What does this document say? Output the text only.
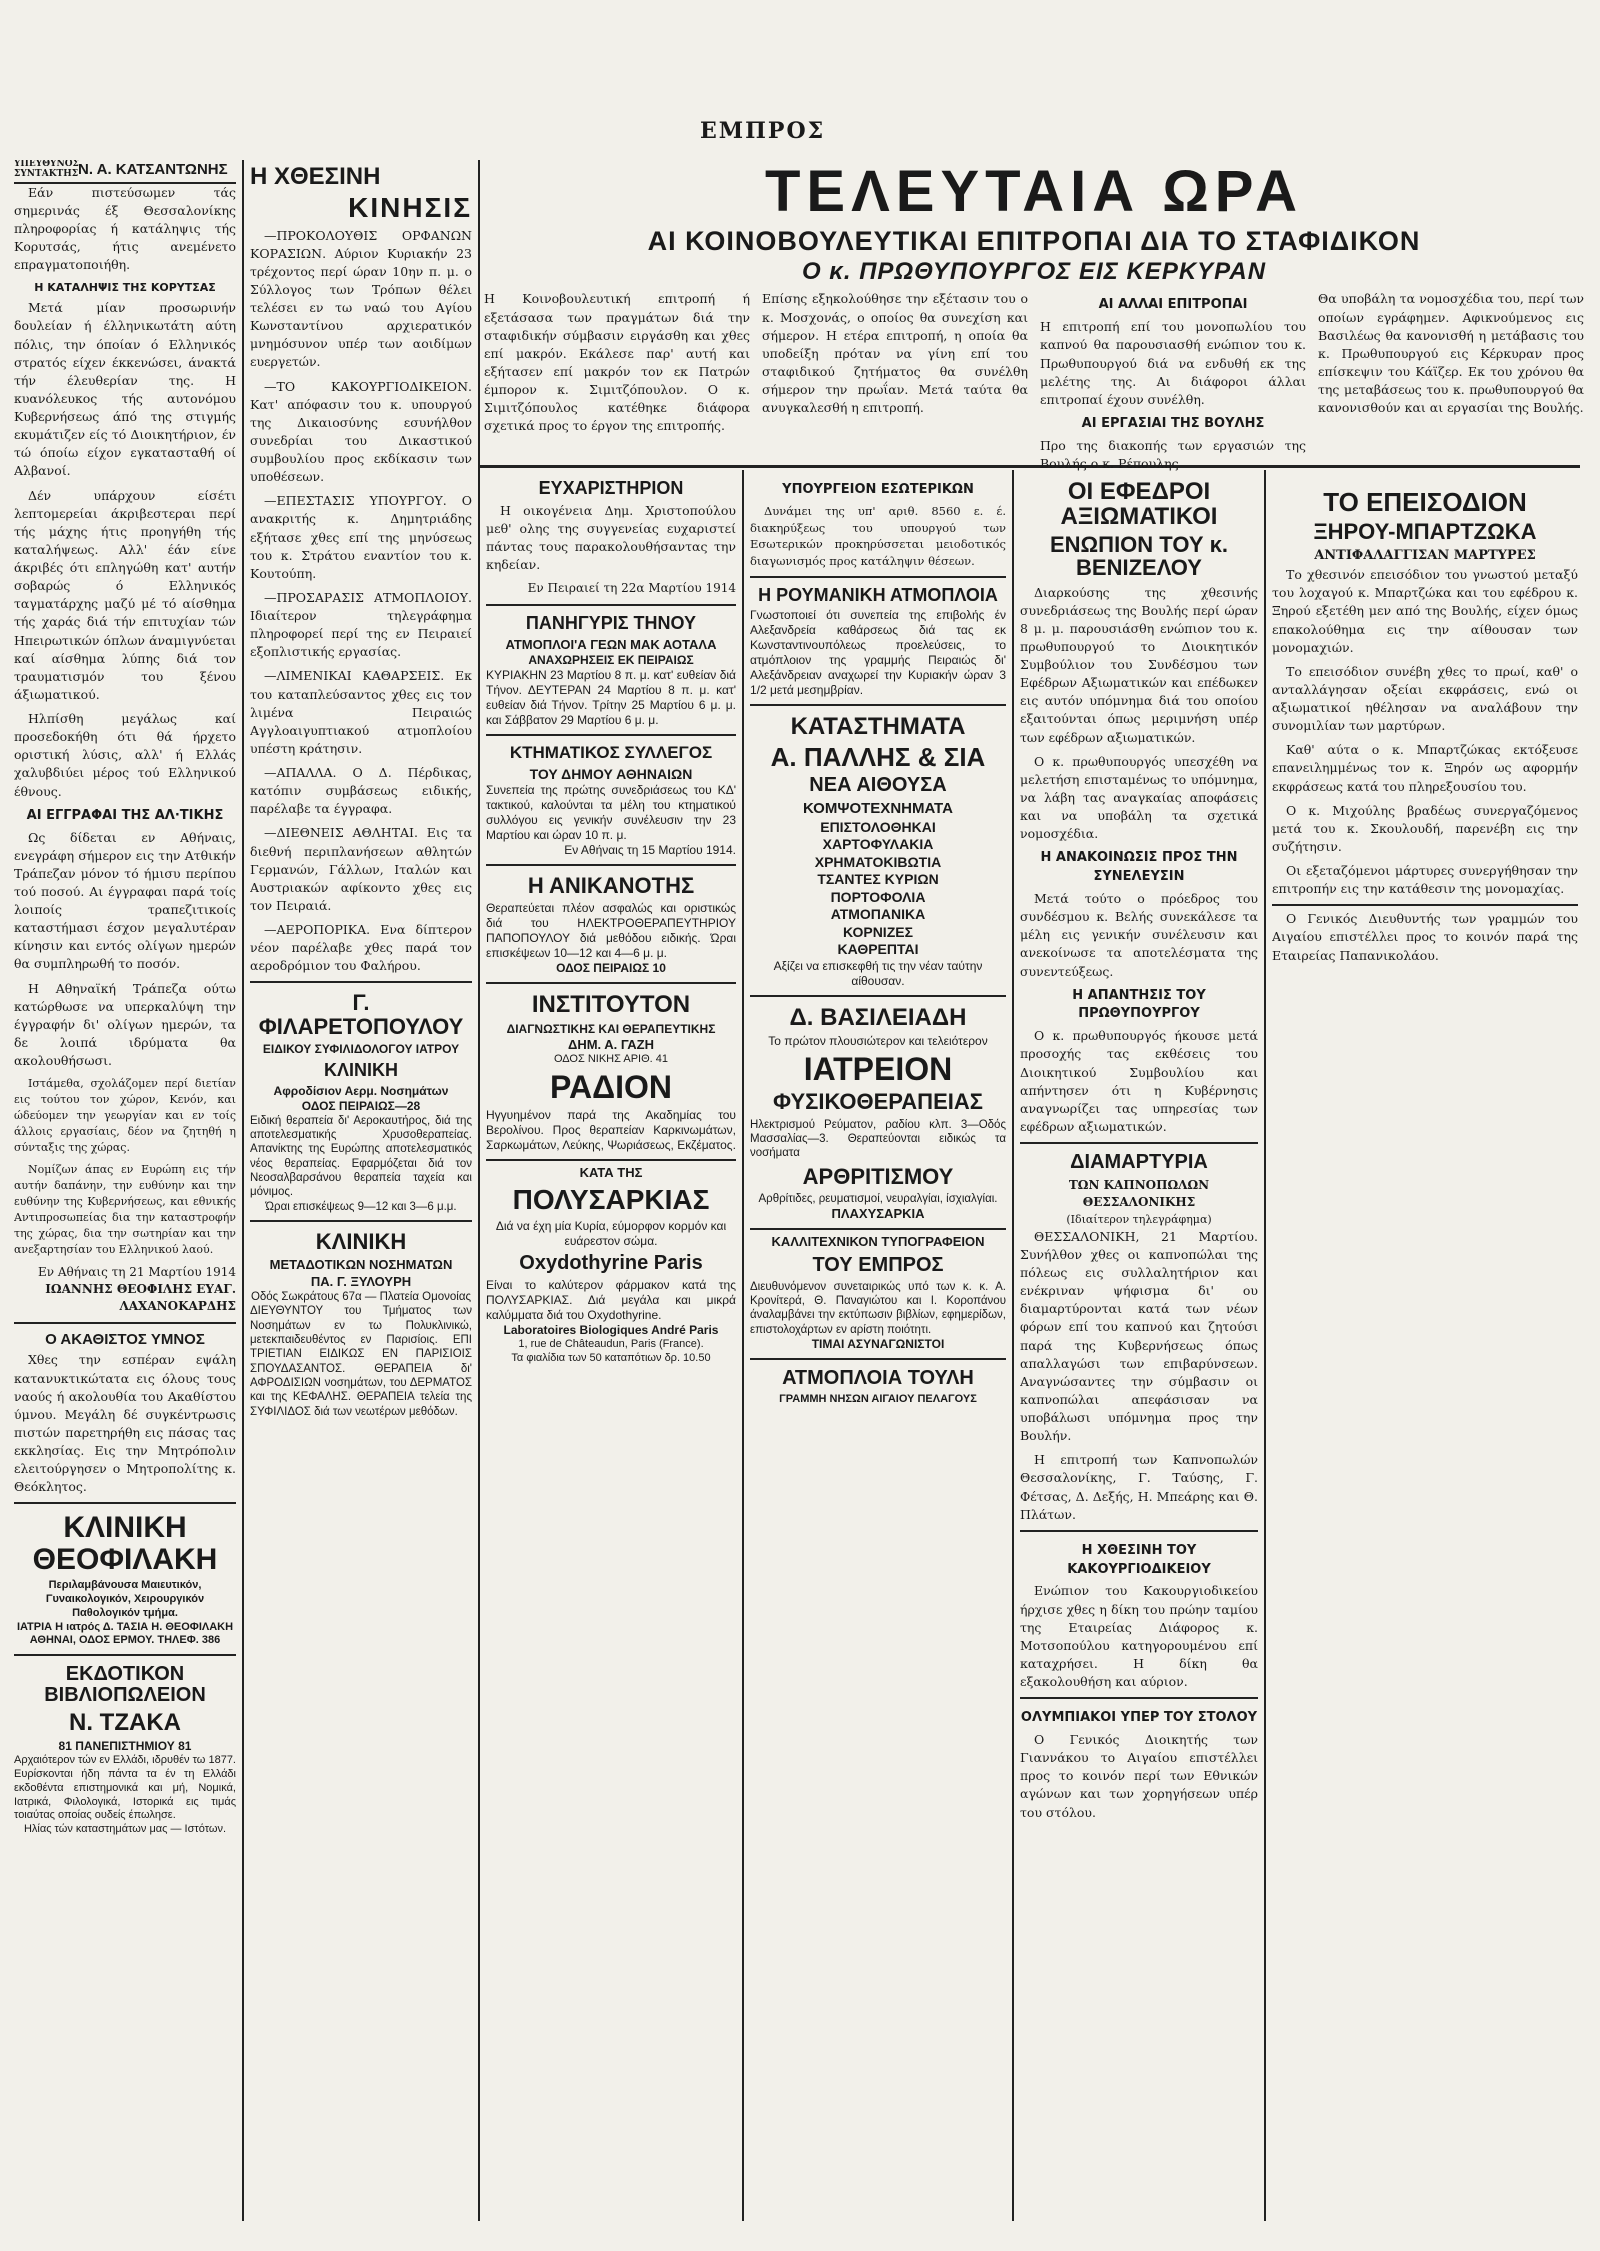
ΕΜΠΡΟΣ
ΥΠΕΥΘΥΝΟΣ ΣΥΝΤΑΚΤΗΣ Ν. Α. ΚΑΤΣΑΝΤΩΝΗΣ

Εάν πιστεύσωμεν τάς σημερινάς έξ Θεσσαλονίκης πληροφορίας ή κατάληψις τής Κορυτσάς, ήτις ανεμένετο επραγματοποιήθη.

Η ΚΑΤΑΛΗΨΙΣ ΤΗΣ ΚΟΡΥΤΣΑΣ

Μετά μίαν προσωρινήν δουλείαν ή έλληνικωτάτη αύτη πόλις, την όποίαν ό Ελληνικός στρατός είχεν έκκενώσει, άνακτά τήν έλευθερίαν της. Η κυανόλευκος τής αυτονόμου Κυβερνήσεως άπό της στιγμής εκυμάτιζεν είς τό Διοικητήριον, έν τώ όποίω είχον εγκατασταθή οί Αλβανοί.

Δέν υπάρχουν είσέτι λεπτομερείαι άκριβεστεραι περί τής μάχης ήτις προηγήθη τής καταλήψεως. Αλλ' έάν είνε άκριβές ότι επληγώθη κατ' αυτήν σοβαρώς ό Ελληνικός ταγματάρχης μαζύ μέ τό αίσθημα τής χαράς διά τήν επιτυχίαν τών Ηπειρωτικών όπλων άναμιγνύεται καί αίσθημα λύπης διά τον τραυματισμόν του ξένου άξιωματικού.

Ηλπίσθη μεγάλως καί προσεδοκήθη ότι θά ήρχετο οριστική λύσις, αλλ' ή Ελλάς χαλυβδιύει μέρος τού Ελληνικού έθνους.

ΑΙ ΕΓΓΡΑΦΑΙ ΤΗΣ ΑΛ·ΤΙΚΗΣ

Ως δίδεται εν Αθήναις, ενεγράφη σήμερον εις την Ατθικήν Τράπεζαν μόνον τό ήμισυ περίπου τού ποσού. Αι έγγραφαι παρά τοίς λοιποίς τραπεζιτικοίς καταστήμασι έσχον μεγαλυτέραν κίνησιν και εντός ολίγων ημερών θα συμπληρωθή το ποσόν.

Η Αθηναϊκή Τράπεζα ούτω κατώρθωσε να υπερκαλύψη την έγγραφήν δι' ολίγων ημερών, τα δε λοιπά ιδρύματα θα ακολουθήσωσι.

Ιστάμεθα, σχολάζομεν περί διετίαν εις τούτου τον χώρον, Κενόν, και ώδεύομεν την γεωργίαν και εν τοίς άλλοις εργασίαις, δέον να ζητηθή η σύνταξις της χώρας.

Νομίζων άπας εν Ευρώπη εις τήν αυτήν δαπάνην, την ευθύνην και την ευθύνην της Κυβερνήσεως, και εθνικής Αντιπροσωπείας δια την καταστροφήν της χώρας, δια την σωτηρίαν και την ανεξαρτησίαν του Ελληνικού λαού.

Εν Αθήναις τη 21 Μαρτίου 1914
ΙΩΑΝΝΗΣ ΘΕΟΦΙΛΗΣ ΕΥΑΓ. ΛΑΧΑΝΟΚΑΡΔΗΣ
Ο ΑΚΑΘΙΣΤΟΣ ΥΜΝΟΣ

Χθες την εσπέραν εψάλη κατανυκτικώτατα εις όλους τους ναούς ή ακολουθία του Ακαθίστου ύμνου. Μεγάλη δέ συγκέντρωσις πιστών παρετηρήθη εις πάσας τας εκκλησίας. Εις την Μητρόπολιν ελειτούργησεν ο Μητροπολίτης κ. Θεόκλητος.

ΚΛΙΝΙΚΗ ΘΕΟΦΙΛΑΚΗ
Περιλαμβάνουσα Μαιευτικόν, Γυναικολογικόν, Χειρουργικόν Παθολογικόν τμήμα.
ΙΑΤΡΙΑ Η ιατρός Δ. ΤΑΣΙΑ Η. ΘΕΟΦΙΛΑΚΗ
ΑΘΗΝΑΙ, ΟΔΟΣ ΕΡΜΟΥ. ΤΗΛΕΦ. 386
ΕΚΔΟΤΙΚΟΝ ΒΙΒΛΙΟΠΩΛΕΙΟΝ
Ν. ΤΖΑΚΑ
81 ΠΑΝΕΠΙΣΤΗΜΙΟΥ 81
Αρχαιότερον τών εν Ελλάδι, ιδρυθέν τω 1877. Ευρίσκονται ήδη πάντα τα έν τη Ελλάδι εκδοθέντα επιστημονικά και μή, Νομικά, Ιατρικά, Φιλολογικά, Ιστορικά εις τιμάς τοιαύτας οποίας ουδείς έπωλησε.
Ηλίας τών καταστημάτων μας — Ιστότων.
Η ΧΘΕΣΙΝΗ
ΚΙΝΗΣΙΣ

—ΠΡΟΚΟΛΟΥΘΙΣ ΟΡΦΑΝΩΝ ΚΟΡΑΣΙΩΝ. Αύριον Κυριακήν 23 τρέχοντος περί ώραν 10ην π. μ. ο Σύλλογος των Τρόπων θέλει τελέσει εν τω ναώ του Αγίου Κωνσταντίνου αρχιερατικόν μνημόσυνον υπέρ των αοιδίμων ευεργετών.

—ΤΟ ΚΑΚΟΥΡΓΙΟΔΙΚΕΙΟΝ. Κατ' απόφασιν του κ. υπουργού της Δικαιοσύνης εσυνήλθον συνεδρίαι του Δικαστικού συμβουλίου προς εκδίκασιν των υποθέσεων.

—ΕΠΕΣΤΑΣΙΣ ΥΠΟΥΡΓΟΥ. Ο ανακριτής κ. Δημητριάδης εξήτασε χθες επί της μηνύσεως του κ. Στράτου εναντίον του κ. Κουτούπη.

—ΠΡΟΣΑΡΑΣΙΣ ΑΤΜΟΠΛΟΙΟΥ. Ιδιαίτερον τηλεγράφημα πληροφορεί περί της εν Πειραιεί εξοπλιστικής εργασίας.

—ΛΙΜΕΝΙΚΑΙ ΚΑΘΑΡΣΕΙΣ. Εκ του καταπλεύσαντος χθες εις τον λιμένα Πειραιώς Αγγλοαιγυπτιακού ατμοπλοίου υπέστη κράτησιν.

—ΑΠΑΛΛΑ. Ο Δ. Πέρδικας, κατόπιν συμβάσεως ειδικής, παρέλαβε τα έγγραφα.

—ΔΙΕΘΝΕΙΣ ΑΘΛΗΤΑΙ. Εις τα διεθνή περιπλανήσεων αθλητών Γερμανών, Γάλλων, Ιταλών και Αυστριακών αφίκοντο χθες εις τον Πειραιά.

—ΑΕΡΟΠΟΡΙΚΑ. Ενα δίπτερον νέον παρέλαβε χθες παρά τον αεροδρόμιον του Φαλήρου.

Γ. ΦΙΛΑΡΕΤΟΠΟΥΛΟΥ
ΕΙΔΙΚΟΥ ΣΥΦΙΛΙΔΟΛΟΓΟΥ ΙΑΤΡΟΥ
ΚΛΙΝΙΚΗ
Αφροδίσιον Αερμ. Νοσημάτων
ΟΔΟΣ ΠΕΙΡΑΙΩΣ—28
Ειδική θεραπεία δι' Αεροκαυτήρος, διά της αποτελεσματικής Χρυσοθεραπείας. Απανίκτης της Ευρώπης αποτελεσματικός νέος θεραπείας. Εφαρμόζεται διά τον Νεοσαλβαρσάνου θεραπεία ταχεία και μόνιμος.
Ώραι επισκέψεως 9—12 και 3—6 μ.μ.
ΚΛΙΝΙΚΗ
ΜΕΤΑΔΟΤΙΚΩΝ ΝΟΣΗΜΑΤΩΝ
ΠΑ. Γ. ΞΥΛΟΥΡΗ
Οδός Σωκράτους 67α — Πλατεία Ομονοίας
ΔΙΕΥΘΥΝΤΟΥ του Τμήματος των Νοσημάτων εν τω Πολυκλινικώ, μετεκπαιδευθέντος εν Παρισίοις. ΕΠΙ ΤΡΙΕΤΙΑΝ ΕΙΔΙΚΩΣ ΕΝ ΠΑΡΙΣΙΟΙΣ ΣΠΟΥΔΑΣΑΝΤΟΣ. ΘΕΡΑΠΕΙΑ δι' ΑΦΡΟΔΙΣΙΩΝ νοσημάτων, του ΔΕΡΜΑΤΟΣ και της ΚΕΦΑΛΗΣ. ΘΕΡΑΠΕΙΑ τελεία της ΣΥΦΙΛΙΔΟΣ διά των νεωτέρων μεθόδων.
ΤΕΛΕΥΤΑΙΑ ΩΡΑ
ΑΙ ΚΟΙΝΟΒΟΥΛΕΥΤΙΚΑΙ ΕΠΙΤΡΟΠΑΙ ΔΙΑ ΤΟ ΣΤΑΦΙΔΙΚΟΝ
Ο κ. ΠΡΩΘΥΠΟΥΡΓΟΣ ΕΙΣ ΚΕΡΚΥΡΑΝ

Η Κοινοβουλευτική επιτροπή ή εξετάσασα των πραγμάτων διά την σταφιδικήν σύμβασιν ειργάσθη και χθες επί μακρόν. Εκάλεσε παρ' αυτή και εξήτασεν επί μακρόν τον εκ Πατρών έμπορον κ. Σιμιτζόπουλον. Ο κ. Σιμιτζόπουλος κατέθηκε διάφορα σχετικά προς το έργον της επιτροπής.

Επίσης εξηκολούθησε την εξέτασιν του ο κ. Μοσχονάς, ο οποίος θα συνεχίση και σήμερον. Η ετέρα επιτροπή, η οποία θα υποδείξη πρόταν να γίνη επί του σταφιδικού ζητήματος θα συνέλθη σήμερον την πρωΐαν. Μετά ταύτα θα ανυγκαλεσθή η επιτροπή.

ΑΙ ΑΛΛΑΙ ΕΠΙΤΡΟΠΑΙ

Η επιτροπή επί του μονοπωλίου του καπνού θα παρουσιασθή ενώπιον του κ. Πρωθυπουργού διά να ενδυθή εκ της μελέτης της. Αι διάφοροι άλλαι επιτροπαί έχουν συνέλθη.

ΑΙ ΕΡΓΑΣΙΑΙ ΤΗΣ ΒΟΥΛΗΣ

Προ της διακοπής των εργασιών της Βουλής ο κ. Ρέπουλης

Θα υποβάλη τα νομοσχέδια του, περί των οποίων εγράφημεν. Αφικνούμενος εις Βασιλέως θα κανονισθή η μετάβασις του κ. Πρωθυπουργού εις Κέρκυραν προς επίσκεψιν του Κάϊζερ. Εκ του χρόνου θα της μεταβάσεως του κ. πρωθυπουργού θα κανονισθούν και αι εργασίαι της Βουλής.

ΕΥΧΑΡΙΣΤΗΡΙΟΝ

Η οικογένεια Δημ. Χριστοπούλου μεθ' ολης της συγγενείας ευχαριστεί πάντας τους παρακολουθήσαντας την κηδείαν.

Εν Πειραιεί τη 22α Μαρτίου 1914
ΠΑΝΗΓΥΡΙΣ ΤΗΝΟΥ
ΑΤΜΟΠΛΟΙ'Α ΓΕΩΝ ΜΑΚ ΑΟΤΑΛΑ
ΑΝΑΧΩΡΗΣΕΙΣ ΕΚ ΠΕΙΡΑΙΩΣ
ΚΥΡΙΑΚΗΝ 23 Μαρτίου 8 π. μ. κατ' ευθείαν διά Τήνον. ΔΕΥΤΕΡΑΝ 24 Μαρτίου 8 π. μ. κατ' ευθείαν διά Τήνον. Τρίτην 25 Μαρτίου 6 μ. μ. και Σάββατον 29 Μαρτίου 6 μ. μ.
ΚΤΗΜΑΤΙΚΟΣ ΣΥΛΛΕΓΟΣ
ΤΟΥ ΔΗΜΟΥ ΑΘΗΝΑΙΩΝ
Συνεπεία της πρώτης συνεδριάσεως του ΚΔ' τακτικού, καλούνται τα μέλη του κτηματικού συλλόγου εις γενικήν συνέλευσιν την 23 Μαρτίου και ώραν 10 π. μ.
Εν Αθήναις τη 15 Μαρτίου 1914.
Η ΑΝΙΚΑΝΟΤΗΣ
Θεραπεύεται πλέον ασφαλώς και οριστικώς διά του ΗΛΕΚΤΡΟΘΕΡΑΠΕΥΤΗΡΙΟΥ ΠΑΠΟΠΟΥΛΟΥ διά μεθόδου ειδικής. Ώραι επισκέψεων 10—12 και 4—6 μ. μ.
ΟΔΟΣ ΠΕΙΡΑΙΩΣ 10
ΙΝΣΤΙΤΟΥΤΟΝ
ΔΙΑΓΝΩΣΤΙΚΗΣ ΚΑΙ ΘΕΡΑΠΕΥΤΙΚΗΣ
ΔΗΜ. Α. ΓΑΖΗ
ΟΔΟΣ ΝΙΚΗΣ ΑΡΙΘ. 41
ΡΑΔΙΟΝ
Ηγγυημένον παρά της Ακαδημίας του Βερολίνου. Προς θεραπείαν Καρκινωμάτων, Σαρκωμάτων, Λεύκης, Ψωριάσεως, Εκζέματος.
ΚΑΤΑ ΤΗΣ
ΠΟΛΥΣΑΡΚΙΑΣ
Διά να έχη μία Κυρία, εύμορφον κορμόν και ευάρεστον σώμα.
Oxydothyrine Paris
Είναι το καλύτερον φάρμακον κατά της ΠΟΛΥΣΑΡΚΙΑΣ. Διά μεγάλα και μικρά καλύμματα διά του Oxydothyrine.
Laboratoires Biologiques André Paris
1, rue de Châteaudun, Paris (France).
Τα φιαλίδια των 50 καταπότιων δρ. 10.50
ΥΠΟΥΡΓΕΙΟΝ ΕΣΩΤΕΡΙΚΩΝ

Δυνάμει της υπ' αριθ. 8560 ε. έ. διακηρύξεως του υπουργού των Εσωτερικών προκηρύσσεται μειοδοτικός διαγωνισμός προς κατάληψιν θέσεων.

Η ΡΟΥΜΑΝΙΚΗ ΑΤΜΟΠΛΟΙΑ
Γνωστοποιεί ότι συνεπεία της επιβολής έν Αλεξανδρεία καθάρσεως διά τας εκ Κωνσταντινουπόλεως προελεύσεις, το ατμόπλοιον της γραμμής Πειραιώς δι' Αλεξάνδρειαν αναχωρεί την Κυριακήν ώραν 3 1/2 μετά μεσημβρίαν.
ΚΑΤΑΣΤΗΜΑΤΑ
Α. ΠΑΛΛΗΣ & ΣΙΑ
ΝΕΑ ΑΙΘΟΥΣΑ
ΚΟΜΨΟΤΕΧΝΗΜΑΤΑ
ΕΠΙΣΤΟΛΟΘΗΚΑΙ
ΧΑΡΤΟΦΥΛΑΚΙΑ
ΧΡΗΜΑΤΟΚΙΒΩΤΙΑ
ΤΣΑΝΤΕΣ ΚΥΡΙΩΝ
ΠΟΡΤΟΦΟΛΙΑ
ΑΤΜΟΠΑΝΙΚΑ
ΚΟΡΝΙΖΕΣ
ΚΑΘΡΕΠΤΑΙ
Αξίζει να επισκεφθή τις την νέαν ταύτην αίθουσαν.
Δ. ΒΑΣΙΛΕΙΑΔΗ
Το πρώτον πλουσιώτερον και τελειότερον
ΙΑΤΡΕΙΟΝ
ΦΥΣΙΚΟΘΕΡΑΠΕΙΑΣ
Ηλεκτρισμού Ρεύματον, ραδίου κλπ. 3—Οδός Μασσαλίας—3. Θεραπεύονται ειδικώς τα νοσήματα
ΑΡΘΡΙΤΙΣΜΟΥ
Αρθρίτιδες, ρευματισμοί, νευραλγίαι, ίσχιαλγίαι.
ΠΛΑΧΥΣΑΡΚΙΑ
ΚΑΛΛΙΤΕΧΝΙΚΟΝ ΤΥΠΟΓΡΑΦΕΙΟΝ
ΤΟΥ ΕΜΠΡΟΣ
Διευθυνόμενον συνεταιρικώς υπό των κ. κ. Α. Κρονίτερά, Θ. Παναγιώτου και Ι. Κοροπάνου άναλαμβάνει την εκτύπωσιν βιβλίων, εφημερίδων, επιστολοχάρτων εν αρίστη ποιότητι.
ΤΙΜΑΙ ΑΣΥΝΑΓΩΝΙΣΤΟΙ
ΑΤΜΟΠΛΟΙΑ ΤΟΥΛΗ
ΓΡΑΜΜΗ ΝΗΣΩΝ ΑΙΓΑΙΟΥ ΠΕΛΑΓΟΥΣ
ΟΙ ΕΦΕΔΡΟΙ ΑΞΙΩΜΑΤΙΚΟΙ
ΕΝΩΠΙΟΝ ΤΟΥ κ. ΒΕΝΙΖΕΛΟΥ

Διαρκούσης της χθεσινής συνεδριάσεως της Βουλής περί ώραν 8 μ. μ. παρουσιάσθη ενώπιον του κ. πρωθυπουργού το Διοικητικόν Συμβούλιον του Συνδέσμου των Εφέδρων Αξιωματικών και επέδωκεν εις αυτόν υπόμνημα διά του οποίου εξαιτούνται όπως μεριμνήση υπέρ των εφέδρων αξιωματικών.

Ο κ. πρωθυπουργός υπεσχέθη να μελετήση επισταμένως το υπόμνημα, να λάβη τας αναγκαίας αποφάσεις και να υποβάλη τα σχετικά νομοσχέδια.

Η ΑΝΑΚΟΙΝΩΣΙΣ ΠΡΟΣ ΤΗΝ ΣΥΝΕΛΕΥΣΙΝ

Μετά τούτο ο πρόεδρος του συνδέσμου κ. Βελής συνεκάλεσε τα μέλη εις γενικήν συνέλευσιν και ανεκοίνωσε τα αποτελέσματα της συνεντεύξεως.

Η ΑΠΑΝΤΗΣΙΣ ΤΟΥ ΠΡΩΘΥΠΟΥΡΓΟΥ

Ο κ. πρωθυπουργός ήκουσε μετά προσοχής τας εκθέσεις του Διοικητικού Συμβουλίου και απήντησεν ότι η Κυβέρνησις αναγνωρίζει τας υπηρεσίας των εφέδρων αξιωματικών.

ΔΙΑΜΑΡΤΥΡΙΑ
ΤΩΝ ΚΑΠΝΟΠΩΛΩΝ ΘΕΣΣΑΛΟΝΙΚΗΣ
(Ιδιαίτερον τηλεγράφημα)

ΘΕΣΣΑΛΟΝΙΚΗ, 21 Μαρτίου. Συνήλθον χθες οι καπνοπώλαι της πόλεως εις συλλαλητήριον και ενέκριναν ψήφισμα δι' ου διαμαρτύρονται κατά των νέων φόρων επί του καπνού και ζητούσι παρά της Κυβερνήσεως όπως απαλλαγώσι των επιβαρύνσεων. Αναγνώσαντες την σύμβασιν οι καπνοπώλαι απεφάσισαν να υποβάλωσι υπόμνημα προς την Βουλήν.

Η επιτροπή των Καπνοπωλών Θεσσαλονίκης, Γ. Ταύσης, Γ. Φέτσας, Δ. Δεξής, Η. Μπεάρης και Θ. Πλάτων.

Η ΧΘΕΣΙΝΗ ΤΟΥ ΚΑΚΟΥΡΓΙΟΔΙΚΕΙΟΥ

Ενώπιον του Κακουργιοδικείου ήρχισε χθες η δίκη του πρώην ταμίου της Εταιρείας Διάφορος κ. Μοτσοπούλου κατηγορουμένου επί καταχρήσει. Η δίκη θα εξακολουθήση και αύριον.

ΟΛΥΜΠΙΑΚΟΙ ΥΠΕΡ ΤΟΥ ΣΤΟΛΟΥ

Ο Γενικός Διοικητής των Γιαννάκου το Αιγαίου επιστέλλει προς το κοινόν περί των Εθνικών αγώνων και των χορηγήσεων υπέρ του στόλου.

ΤΟ ΕΠΕΙΣΟΔΙΟΝ
ΞΗΡΟΥ-ΜΠΑΡΤΖΩΚΑ
ΑΝΤΙΦΑΛΑΓΓΙΣΑΝ ΜΑΡΤΥΡΕΣ

Το χθεσινόν επεισόδιον του γνωστού μεταξύ του λοχαγού κ. Μπαρτζώκα και του εφέδρου κ. Ξηρού εξετέθη μεν από της Βουλής, είχεν όμως επακολούθημα εις την αίθουσαν των μονομαχιών.

Το επεισόδιον συνέβη χθες το πρωί, καθ' ο ανταλλάγησαν οξείαι εκφράσεις, ενώ οι αξιωματικοί ηθέλησαν να αναλάβουν την συνομιλίαν των μαρτύρων.

Καθ' αύτα ο κ. Μπαρτζώκας εκτόξευσε επανειλημμένως τον κ. Ξηρόν ως αφορμήν εκφράσεως κατά του πληρεξουσίου του.

Ο κ. Μιχούλης βραδέως συνεργαζόμενος μετά του κ. Σκουλουδή, παρενέβη εις την συζήτησιν.

Οι εξεταζόμενοι μάρτυρες συνεργήθησαν την επιτροπήν εις την κατάθεσιν της μονομαχίας.

Ο Γενικός Διευθυντής των γραμμών του Αιγαίου επιστέλλει προς το κοινόν παρά της Εταιρείας Παπανικολάου.
